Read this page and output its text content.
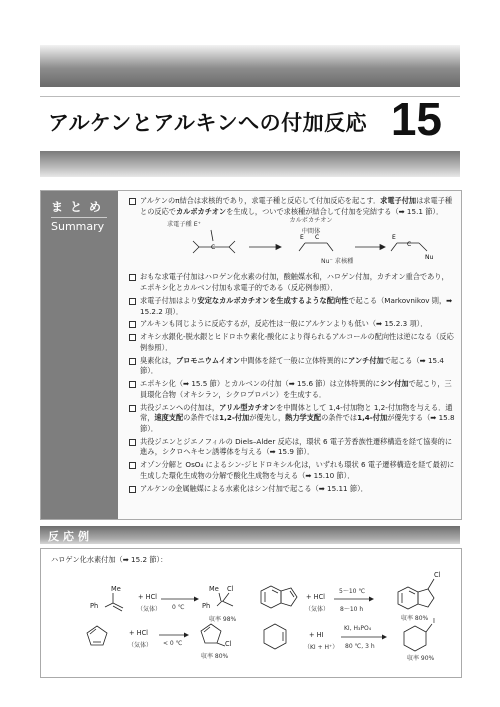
アルケンとアルキンへの付加反応 15
まとめ
Summary
アルケンのπ結合は求核的であり，求電子種と反応して付加反応を起こす．求電子付加は求電子種との反応でカルボカチオンを生成し，ついで求核種が結合して付加を完結する（➡ 15.1 節）．
求電子種 E⁺
カルボカチオン 中間体
Nu⁻ 求核種
C
E C	E
C
Nu
おもな求電子付加はハロゲン化水素の付加，酸触媒水和，ハロゲン付加，カチオン重合であり，エポキシ化とカルベン付加も求電子的である（反応例参照）．
求電子付加はより安定なカルボカチオンを生成するような配向性で起こる（Markovnikov 則，➡ 15.2.2 項）．
アルキンも同じように反応するが，反応性は一般にアルケンよりも低い（➡ 15.2.3 項）．
オキシ水銀化-脱水銀とヒドロホウ素化-酸化により得られるアルコールの配向性は逆になる（反応例参照）．
臭素化は，ブロモニウムイオン中間体を経て一般に立体特異的にアンチ付加で起こる（➡ 15.4 節）．
エポキシ化（➡ 15.5 節）とカルベンの付加（➡ 15.6 節）は立体特異的にシン付加で起こり，三員環化合物（オキシラン，シクロプロパン）を生成する．
共役ジエンへの付加は，アリル型カチオンを中間体として 1,4-付加物と 1,2-付加物を与える．通常，速度支配の条件では1,2-付加が優先し，熱力学支配の条件では1,4-付加が優先する（➡ 15.8 節）．
共役ジエンとジエノフィルの Diels–Alder 反応は，環状 6 電子芳香族性遷移構造を経て協奏的に進み，シクロヘキセン誘導体を与える（➡ 15.9 節）．
オゾン分解と OsO₄ によるシン-ジヒドロキシル化は，いずれも環状 6 電子遷移構造を経て最初に生成した環化生成物の分解で酸化生成物を与える（➡ 15.10 節）．
アルケンの金属触媒による水素化はシン付加で起こる（➡ 15.11 節）．
反応例
ハロゲン化水素付加（➡ 15.2 節）：
Me
Ph
+ HCl
（気体） 0 ℃
Me Cl
Ph
収率 98%
+ HCl
（気体）
5〜10 ℃
8〜10 h
Cl
収率 80%
+ HCl
（気体） < 0 ℃	Cl
収率 80%
+ HI
（KI + H⁺）
KI, H₃PO₄
80 ℃, 3 h
I
収率 90%
